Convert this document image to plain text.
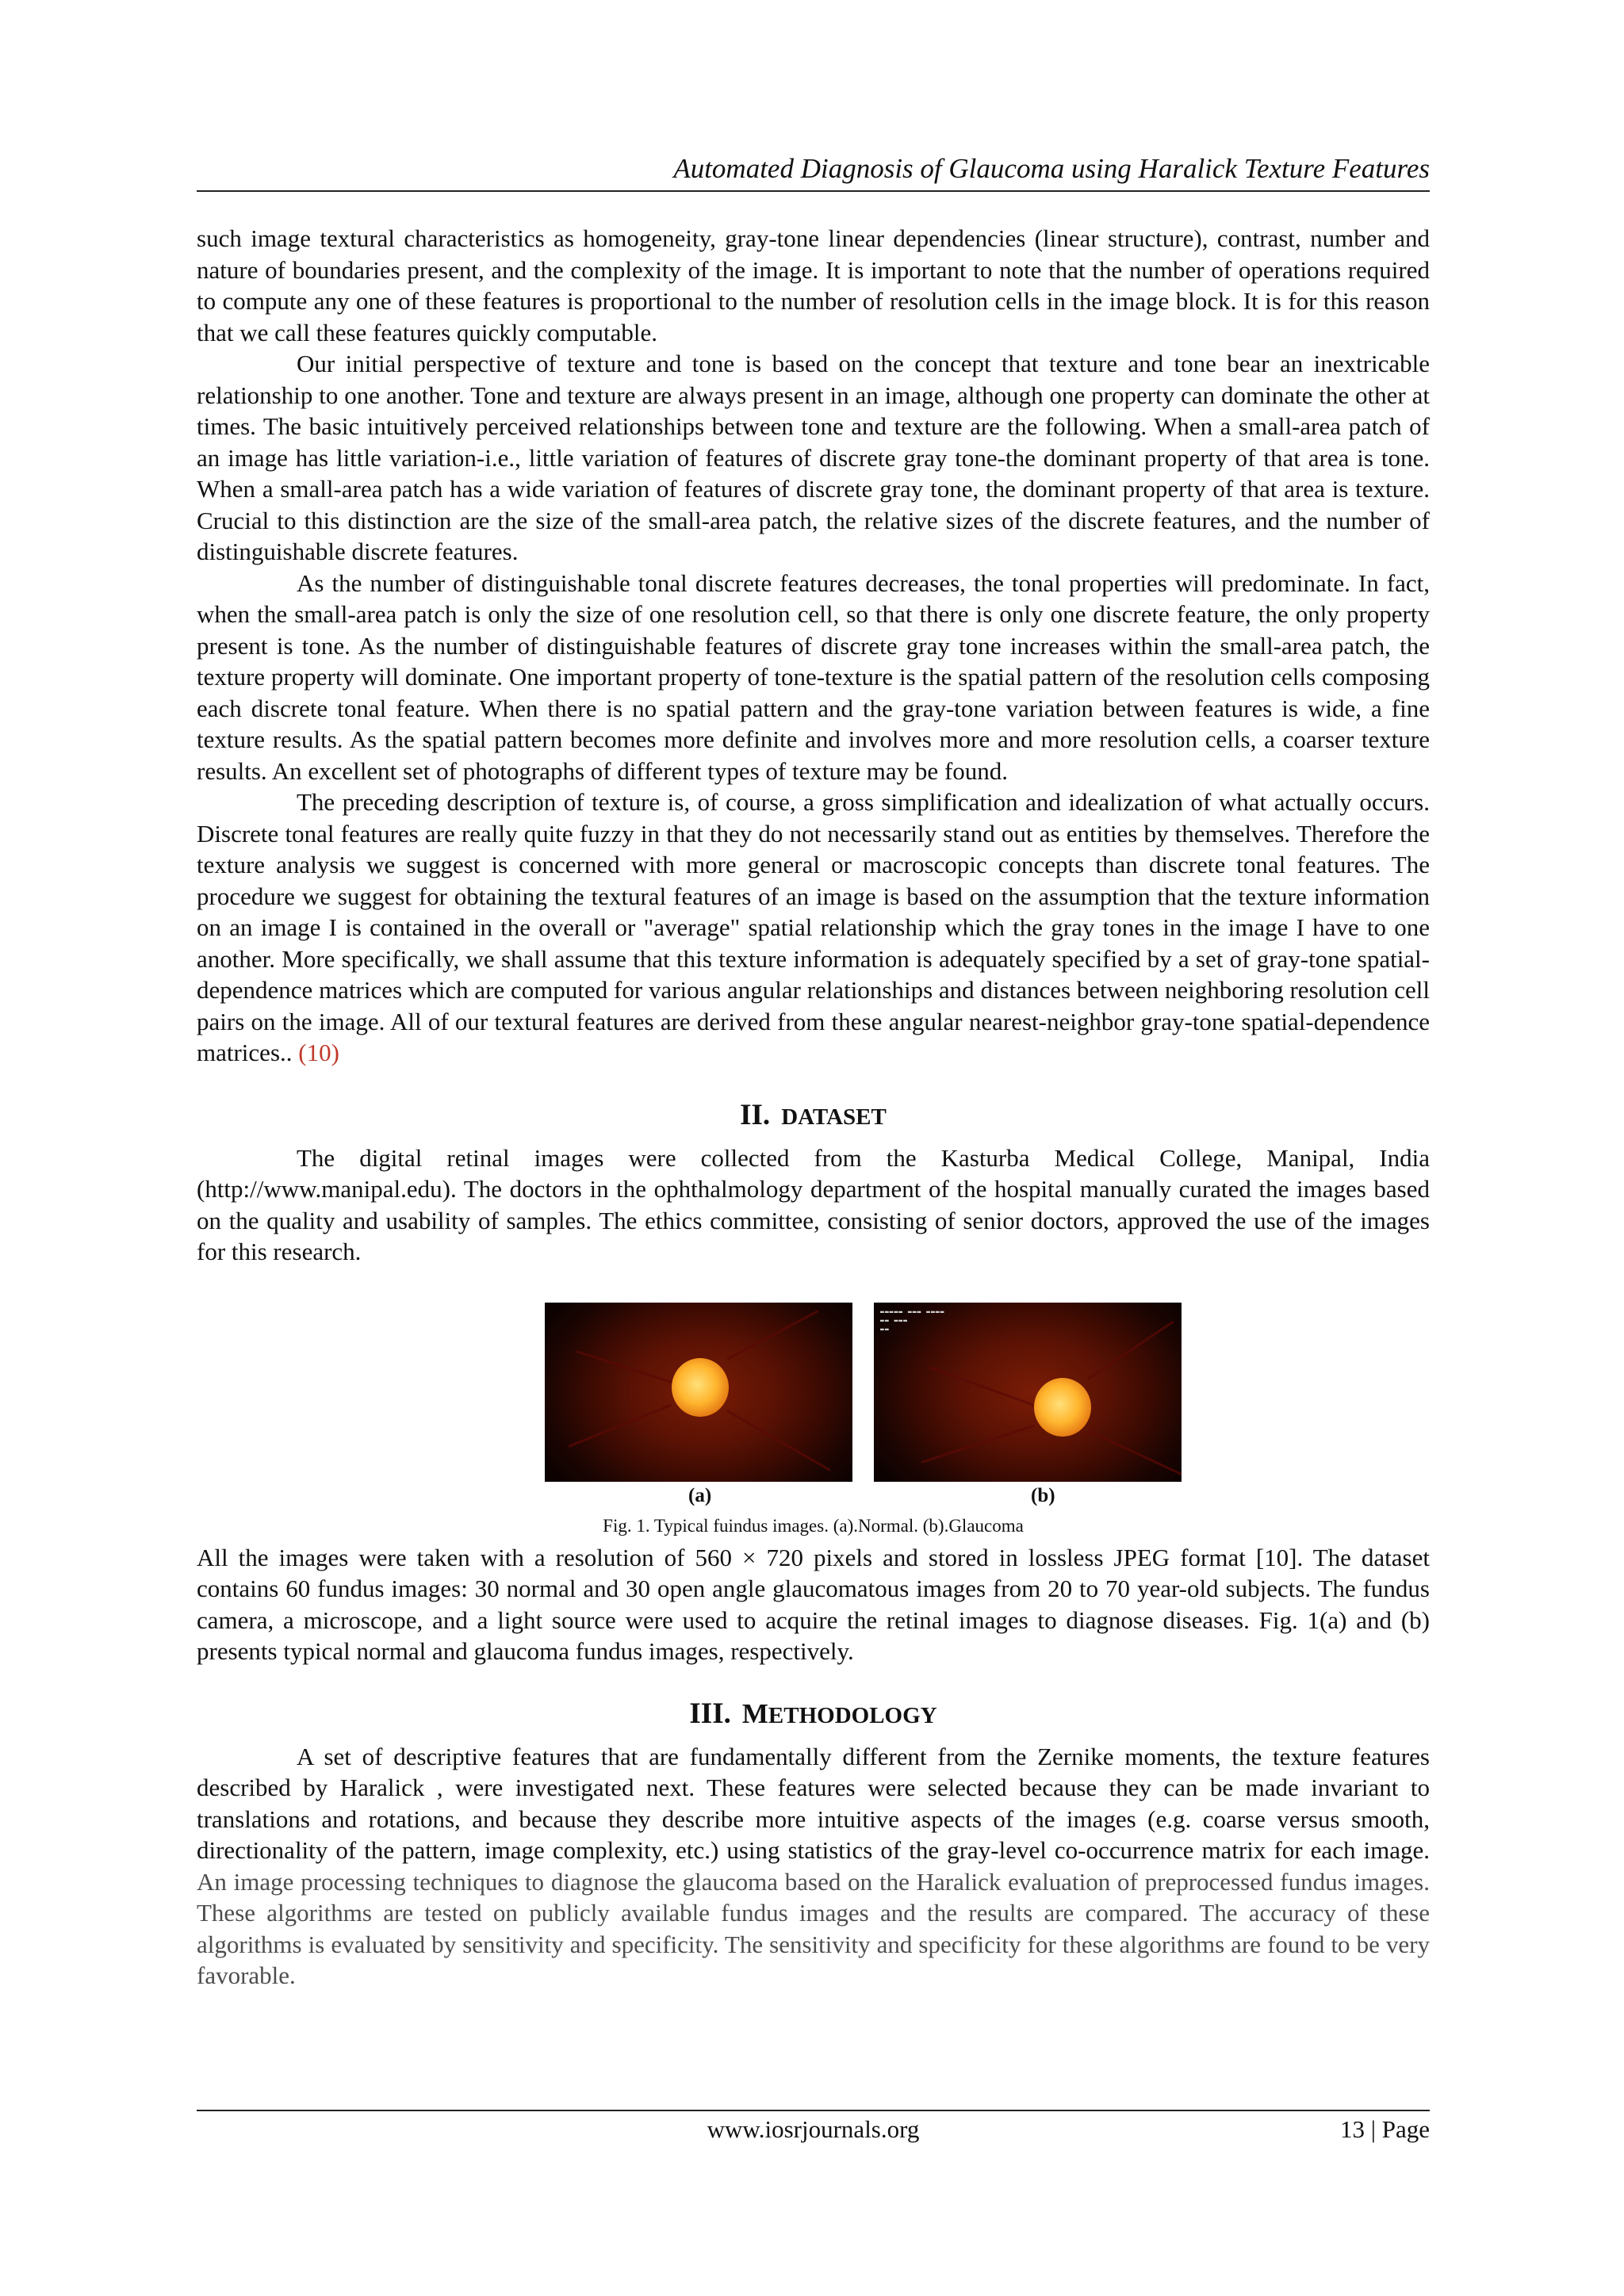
Automated Diagnosis of Glaucoma using Haralick Texture Features

such image textural characteristics as homogeneity, gray-tone linear dependencies (linear structure), contrast, number and nature of boundaries present, and the complexity of the image. It is important to note that the number of operations required to compute any one of these features is proportional to the number of resolution cells in the image block. It is for this reason that we call these features quickly computable.

Our initial perspective of texture and tone is based on the concept that texture and tone bear an inextricable relationship to one another. Tone and texture are always present in an image, although one property can dominate the other at times. The basic intuitively perceived relationships between tone and texture are the following. When a small-area patch of an image has little variation-i.e., little variation of features of discrete gray tone-the dominant property of that area is tone. When a small-area patch has a wide variation of features of discrete gray tone, the dominant property of that area is texture. Crucial to this distinction are the size of the small-area patch, the relative sizes of the discrete features, and the number of distinguishable discrete features.

As the number of distinguishable tonal discrete features decreases, the tonal properties will predominate. In fact, when the small-area patch is only the size of one resolution cell, so that there is only one discrete feature, the only property present is tone. As the number of distinguishable features of discrete gray tone increases within the small-area patch, the texture property will dominate. One important property of tone-texture is the spatial pattern of the resolution cells composing each discrete tonal feature. When there is no spatial pattern and the gray-tone variation between features is wide, a fine texture results. As the spatial pattern becomes more definite and involves more and more resolution cells, a coarser texture results. An excellent set of photographs of different types of texture may be found.

The preceding description of texture is, of course, a gross simplification and idealization of what actually occurs. Discrete tonal features are really quite fuzzy in that they do not necessarily stand out as entities by themselves. Therefore the texture analysis we suggest is concerned with more general or macroscopic concepts than discrete tonal features. The procedure we suggest for obtaining the textural features of an image is based on the assumption that the texture information on an image I is contained in the overall or "average" spatial relationship which the gray tones in the image I have to one another. More specifically, we shall assume that this texture information is adequately specified by a set of gray-tone spatial-dependence matrices which are computed for various angular relationships and distances between neighboring resolution cell pairs on the image. All of our textural features are derived from these angular nearest-neighbor gray-tone spatial-dependence matrices.. (10)

II. DATASET

The digital retinal images were collected from the Kasturba Medical College, Manipal, India (http://www.manipal.edu). The doctors in the ophthalmology department of the hospital manually curated the images based on the quality and usability of samples. The ethics committee, consisting of senior doctors, approved the use of the images for this research.

▬▬▬▬▬ ▬▬▬ ▬▬▬▬
▬▬ ▬▬▬
▬▬
(a)	(b)

Fig. 1. Typical fuindus images. (a).Normal. (b).Glaucoma

All the images were taken with a resolution of 560 × 720 pixels and stored in lossless JPEG format [10]. The dataset contains 60 fundus images: 30 normal and 30 open angle glaucomatous images from 20 to 70 year-old subjects. The fundus camera, a microscope, and a light source were used to acquire the retinal images to diagnose diseases. Fig. 1(a) and (b) presents typical normal and glaucoma fundus images, respectively.

III. METHODOLOGY

A set of descriptive features that are fundamentally different from the Zernike moments, the texture features described by Haralick , were investigated next. These features were selected because they can be made invariant to translations and rotations, and because they describe more intuitive aspects of the images (e.g. coarse versus smooth, directionality of the pattern, image complexity, etc.) using statistics of the gray-level co-occurrence matrix for each image. An image processing techniques to diagnose the glaucoma based on the Haralick evaluation of preprocessed fundus images. These algorithms are tested on publicly available fundus images and the results are compared. The accuracy of these algorithms is evaluated by sensitivity and specificity. The sensitivity and specificity for these algorithms are found to be very favorable.

www.iosrjournals.org	13 | Page
